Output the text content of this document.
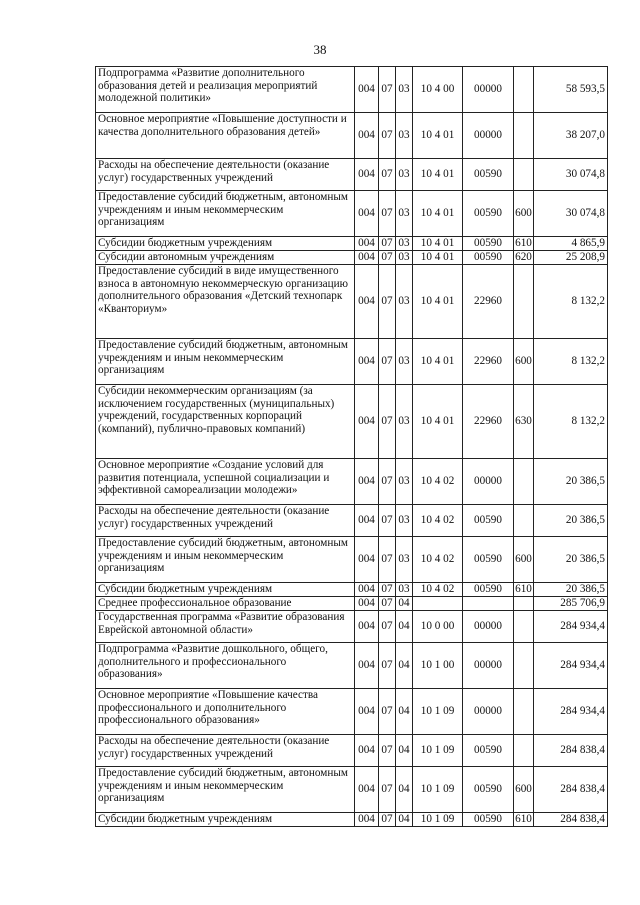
38
Подпрограмма «Развитие дополнительного образования детей и реализация мероприятий молодежной политики»	004	07	03	10 4 00	00000		58 593,5
Основное мероприятие «Повышение доступности и качества дополнительного образования детей»	004	07	03	10 4 01	00000		38 207,0
Расходы на обеспечение деятельности (оказание услуг) государственных учреждений	004	07	03	10 4 01	00590		30 074,8
Предоставление субсидий бюджетным, автономным учреждениям и иным некоммерческим организациям	004	07	03	10 4 01	00590	600	30 074,8
Субсидии бюджетным учреждениям	004	07	03	10 4 01	00590	610	4 865,9
Субсидии автономным учреждениям	004	07	03	10 4 01	00590	620	25 208,9
Предоставление субсидий в виде имущественного взноса в автономную некоммерческую организацию дополнительного образования «Детский технопарк «Кванториум»	004	07	03	10 4 01	22960		8 132,2
Предоставление субсидий бюджетным, автономным учреждениям и иным некоммерческим организациям	004	07	03	10 4 01	22960	600	8 132,2
Субсидии некоммерческим организациям (за исключением государственных (муниципальных) учреждений, государственных корпораций (компаний), публично-правовых компаний)	004	07	03	10 4 01	22960	630	8 132,2
Основное мероприятие «Создание условий для развития потенциала, успешной социализации и эффективной самореализации молодежи»	004	07	03	10 4 02	00000		20 386,5
Расходы на обеспечение деятельности (оказание услуг) государственных учреждений	004	07	03	10 4 02	00590		20 386,5
Предоставление субсидий бюджетным, автономным учреждениям и иным некоммерческим организациям	004	07	03	10 4 02	00590	600	20 386,5
Субсидии бюджетным учреждениям	004	07	03	10 4 02	00590	610	20 386,5
Среднее профессиональное образование	004	07	04				285 706,9
Государственная программа «Развитие образования Еврейской автономной области»	004	07	04	10 0 00	00000		284 934,4
Подпрограмма «Развитие дошкольного, общего, дополнительного и профессионального образования»	004	07	04	10 1 00	00000		284 934,4
Основное мероприятие «Повышение качества профессионального и дополнительного профессионального образования»	004	07	04	10 1 09	00000		284 934,4
Расходы на обеспечение деятельности (оказание услуг) государственных учреждений	004	07	04	10 1 09	00590		284 838,4
Предоставление субсидий бюджетным, автономным учреждениям и иным некоммерческим организациям	004	07	04	10 1 09	00590	600	284 838,4
Субсидии бюджетным учреждениям	004	07	04	10 1 09	00590	610	284 838,4
